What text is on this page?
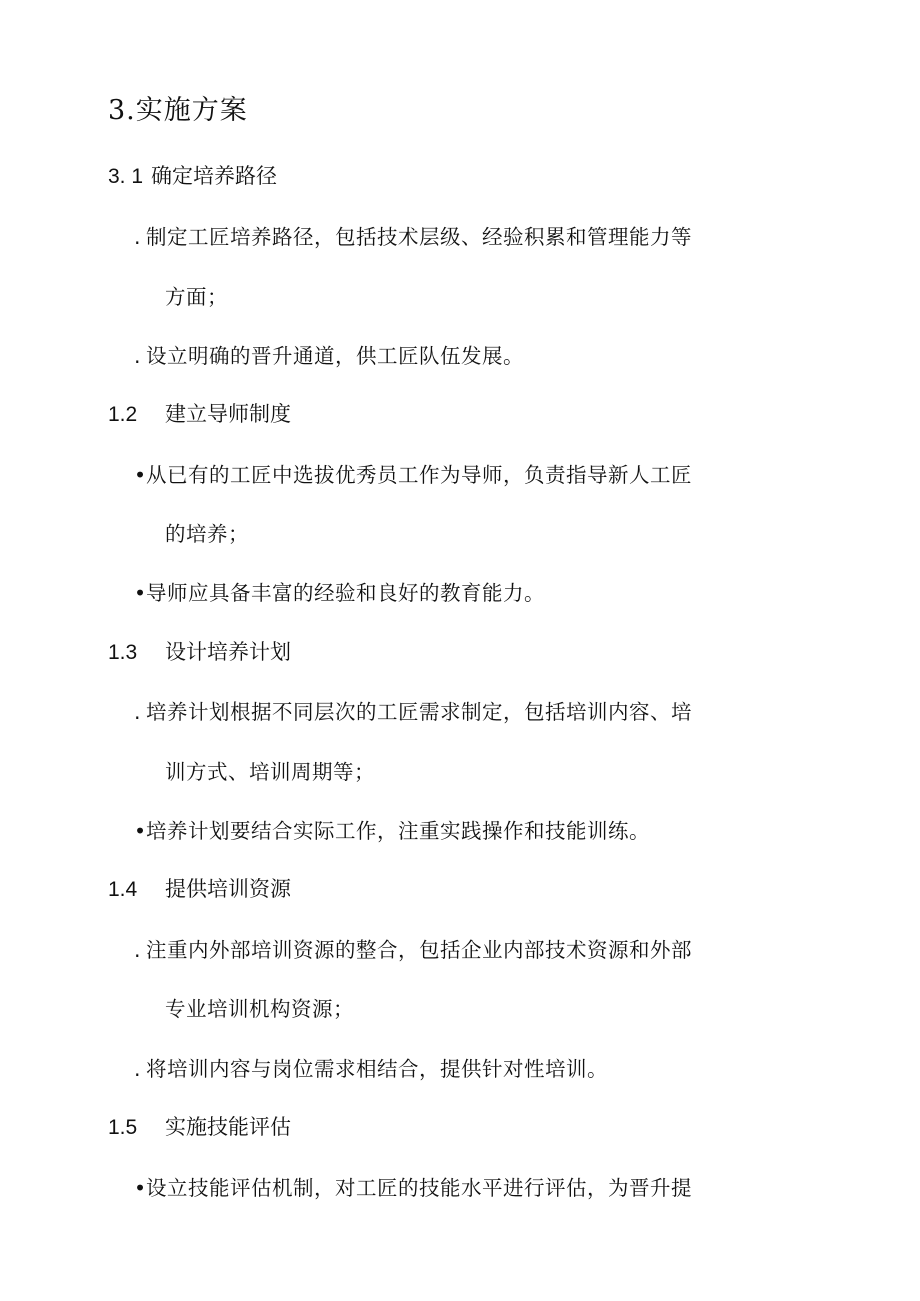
3.实施方案
3. 1 确定培养路径
. 制定工匠培养路径，包括技术层级、经验积累和管理能力等
方面；
. 设立明确的晋升通道，供工匠队伍发展。
1.2 建立导师制度
•从已有的工匠中选拔优秀员工作为导师，负责指导新人工匠
的培养；
•导师应具备丰富的经验和良好的教育能力。
1.3 设计培养计划
. 培养计划根据不同层次的工匠需求制定，包括培训内容、培
训方式、培训周期等；
•培养计划要结合实际工作，注重实践操作和技能训练。
1.4 提供培训资源
. 注重内外部培训资源的整合，包括企业内部技术资源和外部
专业培训机构资源；
. 将培训内容与岗位需求相结合，提供针对性培训。
1.5 实施技能评估
•设立技能评估机制，对工匠的技能水平进行评估，为晋升提
